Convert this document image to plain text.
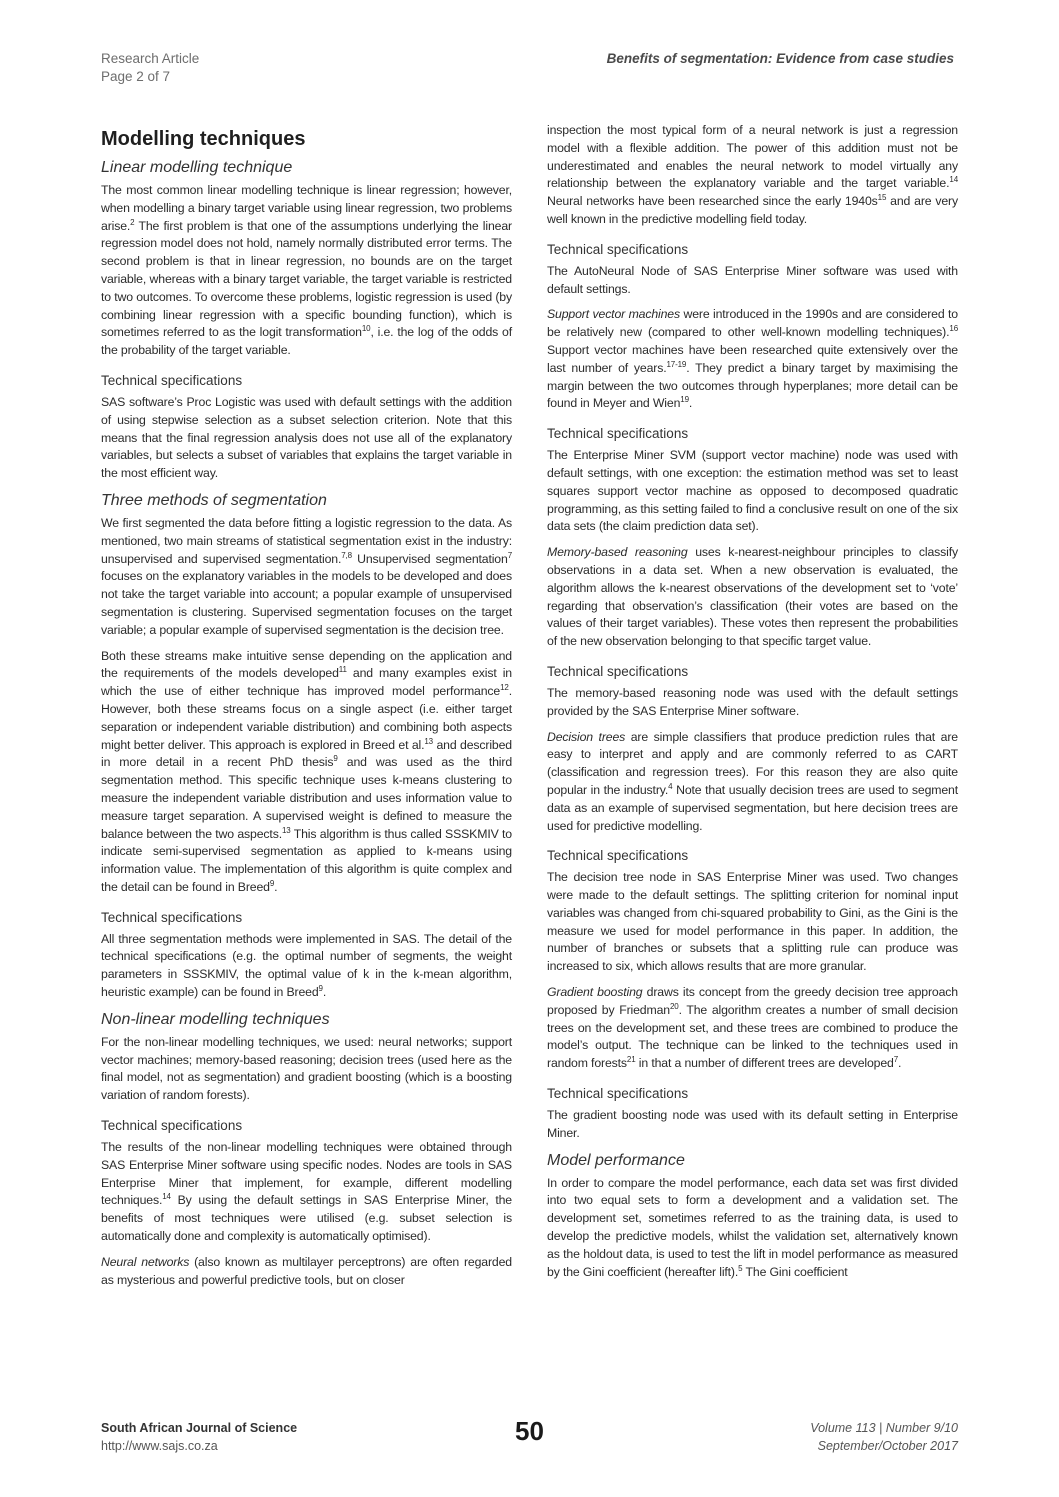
Research Article
Page 2 of 7
Benefits of segmentation: Evidence from case studies
Modelling techniques
Linear modelling technique

The most common linear modelling technique is linear regression; however, when modelling a binary target variable using linear regression, two problems arise.$^2$ The first problem is that one of the assumptions underlying the linear regression model does not hold, namely normally distributed error terms. The second problem is that in linear regression, no bounds are on the target variable, whereas with a binary target variable, the target variable is restricted to two outcomes. To overcome these problems, logistic regression is used (by combining linear regression with a specific bounding function), which is sometimes referred to as the logit transformation$^{10}$, i.e. the log of the odds of the probability of the target variable.

Technical specifications

SAS software’s Proc Logistic was used with default settings with the addition of using stepwise selection as a subset selection criterion. Note that this means that the final regression analysis does not use all of the explanatory variables, but selects a subset of variables that explains the target variable in the most efficient way.

Three methods of segmentation

We first segmented the data before fitting a logistic regression to the data. As mentioned, two main streams of statistical segmentation exist in the industry: unsupervised and supervised segmentation.$^{7,8}$ Unsupervised segmentation$^7$ focuses on the explanatory variables in the models to be developed and does not take the target variable into account; a popular example of unsupervised segmentation is clustering. Supervised segmentation focuses on the target variable; a popular example of supervised segmentation is the decision tree.

Both these streams make intuitive sense depending on the application and the requirements of the models developed$^{11}$ and many examples exist in which the use of either technique has improved model performance$^{12}$. However, both these streams focus on a single aspect (i.e. either target separation or independent variable distribution) and combining both aspects might better deliver. This approach is explored in Breed et al.$^{13}$ and described in more detail in a recent PhD thesis$^9$ and was used as the third segmentation method. This specific technique uses k-means clustering to measure the independent variable distribution and uses information value to measure target separation. A supervised weight is defined to measure the balance between the two aspects.$^{13}$ This algorithm is thus called SSSKMIV to indicate semi-supervised segmentation as applied to k-means using information value. The implementation of this algorithm is quite complex and the detail can be found in Breed$^9$.

Technical specifications

All three segmentation methods were implemented in SAS. The detail of the technical specifications (e.g. the optimal number of segments, the weight parameters in SSSKMIV, the optimal value of k in the k-mean algorithm, heuristic example) can be found in Breed$^9$.

Non-linear modelling techniques

For the non-linear modelling techniques, we used: neural networks; support vector machines; memory-based reasoning; decision trees (used here as the final model, not as segmentation) and gradient boosting (which is a boosting variation of random forests).

Technical specifications

The results of the non-linear modelling techniques were obtained through SAS Enterprise Miner software using specific nodes. Nodes are tools in SAS Enterprise Miner that implement, for example, different modelling techniques.$^{14}$ By using the default settings in SAS Enterprise Miner, the benefits of most techniques were utilised (e.g. subset selection is automatically done and complexity is automatically optimised).

Neural networks (also known as multilayer perceptrons) are often regarded as mysterious and powerful predictive tools, but on closer

inspection the most typical form of a neural network is just a regression model with a flexible addition. The power of this addition must not be underestimated and enables the neural network to model virtually any relationship between the explanatory variable and the target variable.$^{14}$ Neural networks have been researched since the early $1940s^{15}$ and are very well known in the predictive modelling field today.

Technical specifications

The AutoNeural Node of SAS Enterprise Miner software was used with default settings.

Support vector machines were introduced in the 1990s and are considered to be relatively new (compared to other well-known modelling techniques).$^{16}$ Support vector machines have been researched quite extensively over the last number of years.$^{17-19}$. They predict a binary target by maximising the margin between the two outcomes through hyperplanes; more detail can be found in Meyer and Wien$^{19}$.

Technical specifications

The Enterprise Miner SVM (support vector machine) node was used with default settings, with one exception: the estimation method was set to least squares support vector machine as opposed to decomposed quadratic programming, as this setting failed to find a conclusive result on one of the six data sets (the claim prediction data set).

Memory-based reasoning uses k-nearest-neighbour principles to classify observations in a data set. When a new observation is evaluated, the algorithm allows the k-nearest observations of the development set to ‘vote’ regarding that observation’s classification (their votes are based on the values of their target variables). These votes then represent the probabilities of the new observation belonging to that specific target value.

Technical specifications

The memory-based reasoning node was used with the default settings provided by the SAS Enterprise Miner software.

Decision trees are simple classifiers that produce prediction rules that are easy to interpret and apply and are commonly referred to as CART (classification and regression trees). For this reason they are also quite popular in the industry.$^4$ Note that usually decision trees are used to segment data as an example of supervised segmentation, but here decision trees are used for predictive modelling.

Technical specifications

The decision tree node in SAS Enterprise Miner was used. Two changes were made to the default settings. The splitting criterion for nominal input variables was changed from chi-squared probability to Gini, as the Gini is the measure we used for model performance in this paper. In addition, the number of branches or subsets that a splitting rule can produce was increased to six, which allows results that are more granular.

Gradient boosting draws its concept from the greedy decision tree approach proposed by Friedman$^{20}$. The algorithm creates a number of small decision trees on the development set, and these trees are combined to produce the model’s output. The technique can be linked to the techniques used in random forests$^{21}$ in that a number of different trees are developed$^7$.

Technical specifications

The gradient boosting node was used with its default setting in Enterprise Miner.

Model performance

In order to compare the model performance, each data set was first divided into two equal sets to form a development and a validation set. The development set, sometimes referred to as the training data, is used to develop the predictive models, whilst the validation set, alternatively known as the holdout data, is used to test the lift in model performance as measured by the Gini coefficient (hereafter lift).$^5$ The Gini coefficient

South African Journal of Science
http://www.sajs.co.za	50	Volume 113 | Number 9/10
September/October 2017
